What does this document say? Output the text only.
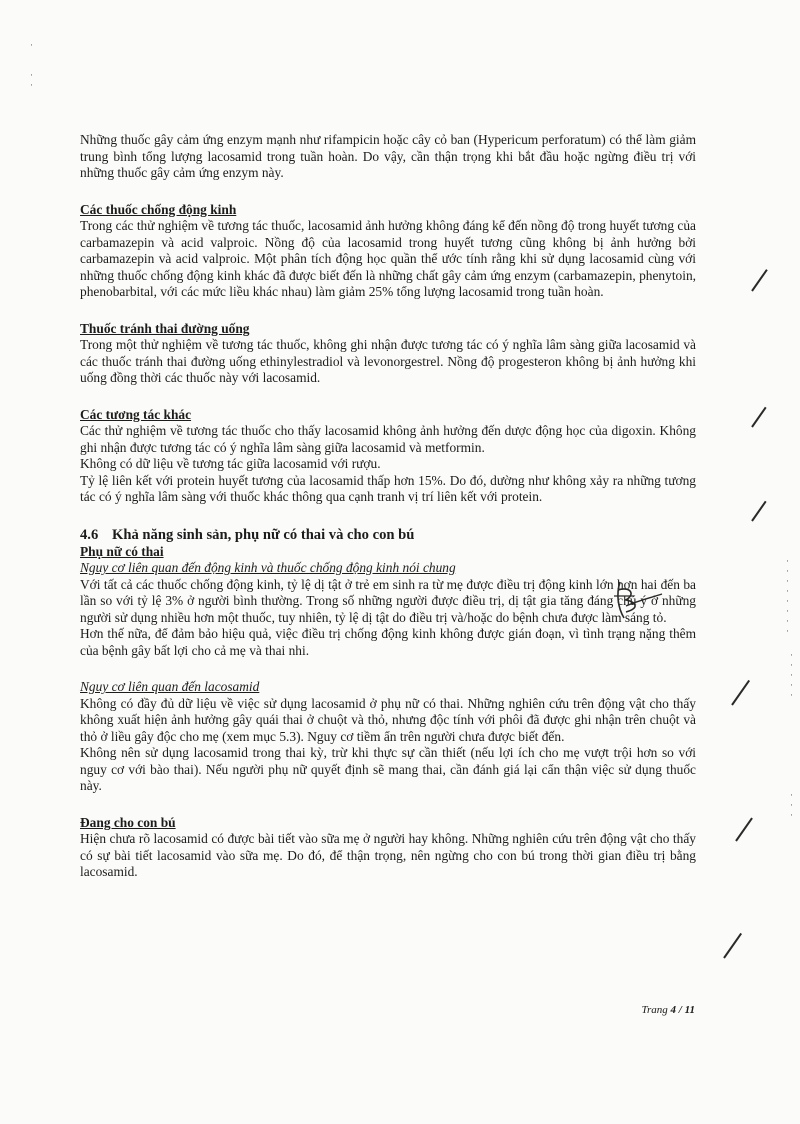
Những thuốc gây cảm ứng enzym mạnh như rifampicin hoặc cây cỏ ban (Hypericum perforatum) có thể làm giảm trung bình tổng lượng lacosamid trong tuần hoàn. Do vậy, cần thận trọng khi bắt đầu hoặc ngừng điều trị với những thuốc gây cảm ứng enzym này.

Các thuốc chống động kinh

Trong các thử nghiệm về tương tác thuốc, lacosamid ảnh hưởng không đáng kể đến nồng độ trong huyết tương của carbamazepin và acid valproic. Nồng độ của lacosamid trong huyết tương cũng không bị ảnh hưởng bởi carbamazepin và acid valproic. Một phân tích động học quần thể ước tính rằng khi sử dụng lacosamid cùng với những thuốc chống động kinh khác đã được biết đến là những chất gây cảm ứng enzym (carbamazepin, phenytoin, phenobarbital, với các mức liều khác nhau) làm giảm 25% tổng lượng lacosamid trong tuần hoàn.

Thuốc tránh thai đường uống

Trong một thử nghiệm về tương tác thuốc, không ghi nhận được tương tác có ý nghĩa lâm sàng giữa lacosamid và các thuốc tránh thai đường uống ethinylestradiol và levonorgestrel. Nồng độ progesteron không bị ảnh hưởng khi uống đồng thời các thuốc này với lacosamid.

Các tương tác khác

Các thử nghiệm về tương tác thuốc cho thấy lacosamid không ảnh hưởng đến dược động học của digoxin. Không ghi nhận được tương tác có ý nghĩa lâm sàng giữa lacosamid và metformin.

Không có dữ liệu về tương tác giữa lacosamid với rượu.

Tỷ lệ liên kết với protein huyết tương của lacosamid thấp hơn 15%. Do đó, dường như không xảy ra những tương tác có ý nghĩa lâm sàng với thuốc khác thông qua cạnh tranh vị trí liên kết với protein.

4.6 Khả năng sinh sản, phụ nữ có thai và cho con bú
Phụ nữ có thai
Nguy cơ liên quan đến động kinh và thuốc chống động kinh nói chung

Với tất cả các thuốc chống động kinh, tỷ lệ dị tật ở trẻ em sinh ra từ mẹ được điều trị động kinh lớn hơn hai đến ba lần so với tỷ lệ 3% ở người bình thường. Trong số những người được điều trị, dị tật gia tăng đáng chú ý ở những người sử dụng nhiều hơn một thuốc, tuy nhiên, tỷ lệ dị tật do điều trị và/hoặc do bệnh chưa được làm sáng tỏ.

Hơn thế nữa, để đảm bảo hiệu quả, việc điều trị chống động kinh không được gián đoạn, vì tình trạng nặng thêm của bệnh gây bất lợi cho cả mẹ và thai nhi.

Nguy cơ liên quan đến lacosamid

Không có đầy đủ dữ liệu về việc sử dụng lacosamid ở phụ nữ có thai. Những nghiên cứu trên động vật cho thấy không xuất hiện ảnh hưởng gây quái thai ở chuột và thỏ, nhưng độc tính với phôi đã được ghi nhận trên chuột và thỏ ở liều gây độc cho mẹ (xem mục 5.3). Nguy cơ tiềm ẩn trên người chưa được biết đến.

Không nên sử dụng lacosamid trong thai kỳ, trừ khi thực sự cần thiết (nếu lợi ích cho mẹ vượt trội hơn so với nguy cơ với bào thai). Nếu người phụ nữ quyết định sẽ mang thai, cần đánh giá lại cẩn thận việc sử dụng thuốc này.

Đang cho con bú

Hiện chưa rõ lacosamid có được bài tiết vào sữa mẹ ở người hay không. Những nghiên cứu trên động vật cho thấy có sự bài tiết lacosamid vào sữa mẹ. Do đó, để thận trọng, nên ngừng cho con bú trong thời gian điều trị bằng lacosamid.

·
·
·
·
·
·
·
·
·
·
·
·
·
·
·
·
·

·
·
Trang 4 / 11
